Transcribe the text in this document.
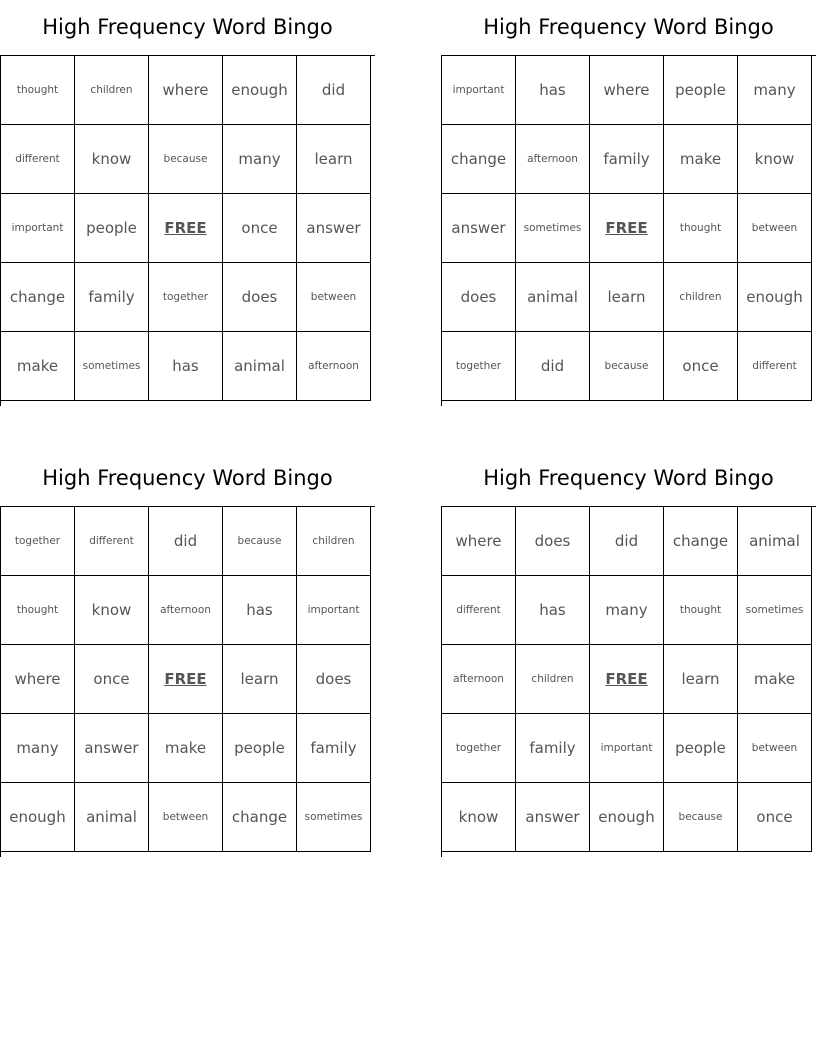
High Frequency Word Bingo
thought	children	where	enough	did
different	know	because	many	learn
important	people	FREE	once	answer
change	family	together	does	between
make	sometimes	has	animal	afternoon
High Frequency Word Bingo
important	has	where	people	many
change	afternoon	family	make	know
answer	sometimes	FREE	thought	between
does	animal	learn	children	enough
together	did	because	once	different
High Frequency Word Bingo
together	different	did	because	children
thought	know	afternoon	has	important
where	once	FREE	learn	does
many	answer	make	people	family
enough	animal	between	change	sometimes
High Frequency Word Bingo
where	does	did	change	animal
different	has	many	thought	sometimes
afternoon	children	FREE	learn	make
together	family	important	people	between
know	answer	enough	because	once
